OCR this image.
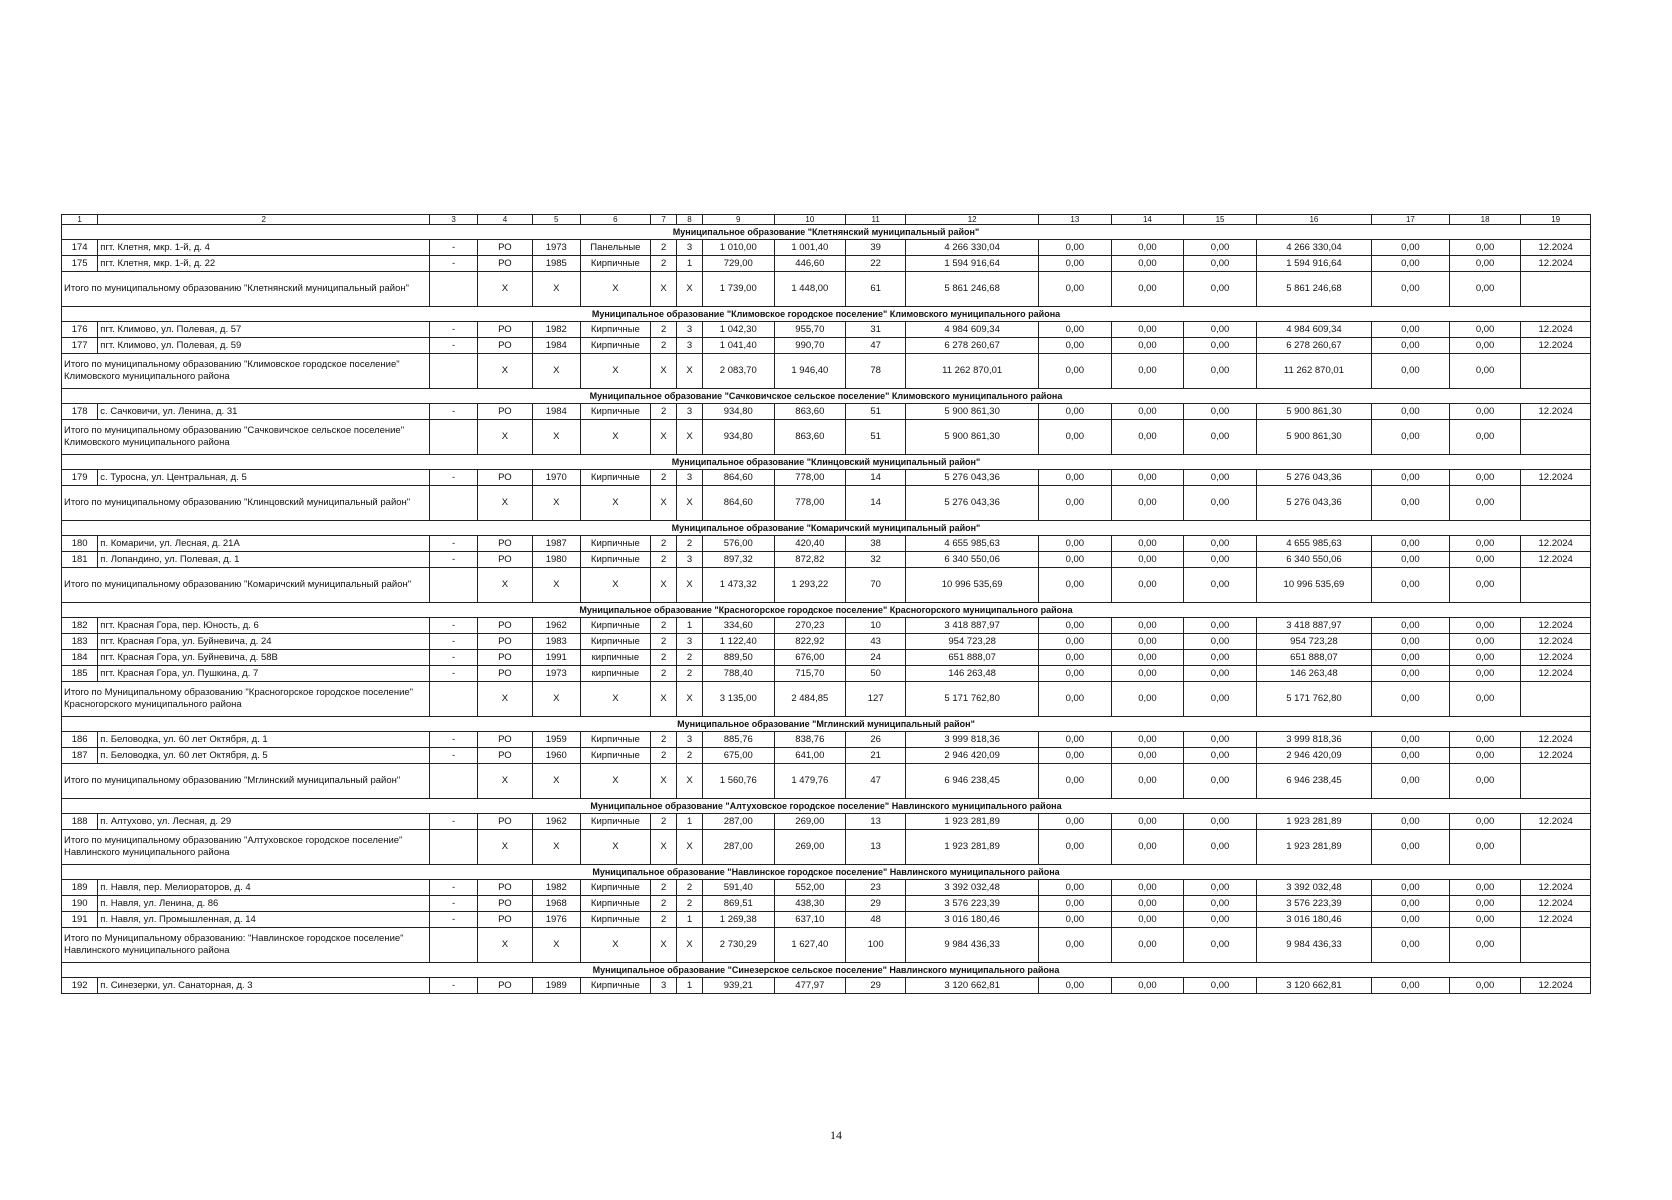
1	2	3	4	5	6	7	8	9	10	11	12	13	14	15	16	17	18	19
Муниципальное образование "Клетнянский муниципальный район"																		
174	пгт. Клетня, мкр. 1-й, д. 4	-	РО	1973	Панельные	2	3	1 010,00	1 001,40	39	4 266 330,04	0,00	0,00	0,00	4 266 330,04	0,00	0,00	12.2024
175	пгт. Клетня, мкр. 1-й, д. 22	-	РО	1985	Кирпичные	2	1	729,00	446,60	22	1 594 916,64	0,00	0,00	0,00	1 594 916,64	0,00	0,00	12.2024
Итого по муниципальному образованию "Клетнянский муниципальный район"			X	X	X	X	X	1 739,00	1 448,00	61	5 861 246,68	0,00	0,00	0,00	5 861 246,68	0,00	0,00	
Муниципальное образование "Климовское городское поселение" Климовского муниципального района																		
176	пгт. Климово, ул. Полевая, д. 57	-	РО	1982	Кирпичные	2	3	1 042,30	955,70	31	4 984 609,34	0,00	0,00	0,00	4 984 609,34	0,00	0,00	12.2024
177	пгт. Климово, ул. Полевая, д. 59	-	РО	1984	Кирпичные	2	3	1 041,40	990,70	47	6 278 260,67	0,00	0,00	0,00	6 278 260,67	0,00	0,00	12.2024
Итого по муниципальному образованию "Климовское городское поселение" Климовского муниципального района			X	X	X	X	X	2 083,70	1 946,40	78	11 262 870,01	0,00	0,00	0,00	11 262 870,01	0,00	0,00	
Муниципальное образование "Сачковичское сельское поселение" Климовского муниципального района																		
178	с. Сачковичи, ул. Ленина, д. 31	-	РО	1984	Кирпичные	2	3	934,80	863,60	51	5 900 861,30	0,00	0,00	0,00	5 900 861,30	0,00	0,00	12.2024
Итого по муниципальному образованию "Сачковичское сельское поселение" Климовского муниципального района			X	X	X	X	X	934,80	863,60	51	5 900 861,30	0,00	0,00	0,00	5 900 861,30	0,00	0,00	
Муниципальное образование "Клинцовский муниципальный район"																		
179	с. Туросна, ул. Центральная, д. 5	-	РО	1970	Кирпичные	2	3	864,60	778,00	14	5 276 043,36	0,00	0,00	0,00	5 276 043,36	0,00	0,00	12.2024
Итого по муниципальному образованию "Клинцовский муниципальный район"			X	X	X	X	X	864,60	778,00	14	5 276 043,36	0,00	0,00	0,00	5 276 043,36	0,00	0,00	
Муниципальное образование "Комаричский муниципальный район"																		
180	п. Комаричи, ул. Лесная, д. 21А	-	РО	1987	Кирпичные	2	2	576,00	420,40	38	4 655 985,63	0,00	0,00	0,00	4 655 985,63	0,00	0,00	12.2024
181	п. Лопандино, ул. Полевая, д. 1	-	РО	1980	Кирпичные	2	3	897,32	872,82	32	6 340 550,06	0,00	0,00	0,00	6 340 550,06	0,00	0,00	12.2024
Итого по муниципальному образованию "Комаричский муниципальный район"			X	X	X	X	X	1 473,32	1 293,22	70	10 996 535,69	0,00	0,00	0,00	10 996 535,69	0,00	0,00	
Муниципальное образование "Красногорское городское поселение" Красногорского муниципального района																		
182	пгт. Красная Гора, пер. Юность, д. 6	-	РО	1962	Кирпичные	2	1	334,60	270,23	10	3 418 887,97	0,00	0,00	0,00	3 418 887,97	0,00	0,00	12.2024
183	пгт. Красная Гора, ул. Буйневича, д. 24	-	РО	1983	Кирпичные	2	3	1 122,40	822,92	43	954 723,28	0,00	0,00	0,00	954 723,28	0,00	0,00	12.2024
184	пгт. Красная Гора, ул. Буйневича, д. 58В	-	РО	1991	кирпичные	2	2	889,50	676,00	24	651 888,07	0,00	0,00	0,00	651 888,07	0,00	0,00	12.2024
185	пгт. Красная Гора, ул. Пушкина, д. 7	-	РО	1973	кирпичные	2	2	788,40	715,70	50	146 263,48	0,00	0,00	0,00	146 263,48	0,00	0,00	12.2024
Итого по Муниципальному образованию "Красногорское городское поселение" Красногорского муниципального района			X	X	X	X	X	3 135,00	2 484,85	127	5 171 762,80	0,00	0,00	0,00	5 171 762,80	0,00	0,00	
Муниципальное образование "Мглинский муниципальный район"																		
186	п. Беловодка, ул. 60 лет Октября, д. 1	-	РО	1959	Кирпичные	2	3	885,76	838,76	26	3 999 818,36	0,00	0,00	0,00	3 999 818,36	0,00	0,00	12.2024
187	п. Беловодка, ул. 60 лет Октября, д. 5	-	РО	1960	Кирпичные	2	2	675,00	641,00	21	2 946 420,09	0,00	0,00	0,00	2 946 420,09	0,00	0,00	12.2024
Итого по муниципальному образованию "Мглинский муниципальный район"			X	X	X	X	X	1 560,76	1 479,76	47	6 946 238,45	0,00	0,00	0,00	6 946 238,45	0,00	0,00	
Муниципальное образование "Алтуховское городское поселение" Навлинского муниципального района																		
188	п. Алтухово, ул. Лесная, д. 29	-	РО	1962	Кирпичные	2	1	287,00	269,00	13	1 923 281,89	0,00	0,00	0,00	1 923 281,89	0,00	0,00	12.2024
Итого по муниципальному образованию "Алтуховское городское поселение" Навлинского муниципального района			X	X	X	X	X	287,00	269,00	13	1 923 281,89	0,00	0,00	0,00	1 923 281,89	0,00	0,00	
Муниципальное образование "Навлинское городское поселение" Навлинского муниципального района																		
189	п. Навля, пер. Мелиораторов, д. 4	-	РО	1982	Кирпичные	2	2	591,40	552,00	23	3 392 032,48	0,00	0,00	0,00	3 392 032,48	0,00	0,00	12.2024
190	п. Навля, ул. Ленина, д. 86	-	РО	1968	Кирпичные	2	2	869,51	438,30	29	3 576 223,39	0,00	0,00	0,00	3 576 223,39	0,00	0,00	12.2024
191	п. Навля, ул. Промышленная, д. 14	-	РО	1976	Кирпичные	2	1	1 269,38	637,10	48	3 016 180,46	0,00	0,00	0,00	3 016 180,46	0,00	0,00	12.2024
Итого по Муниципальному образованию: "Навлинское городское поселение" Навлинского муниципального района			X	X	X	X	X	2 730,29	1 627,40	100	9 984 436,33	0,00	0,00	0,00	9 984 436,33	0,00	0,00	
Муниципальное образование "Синезерское сельское поселение" Навлинского муниципального района																		
192	п. Синезерки, ул. Санаторная, д. 3	-	РО	1989	Кирпичные	3	1	939,21	477,97	29	3 120 662,81	0,00	0,00	0,00	3 120 662,81	0,00	0,00	12.2024
14
